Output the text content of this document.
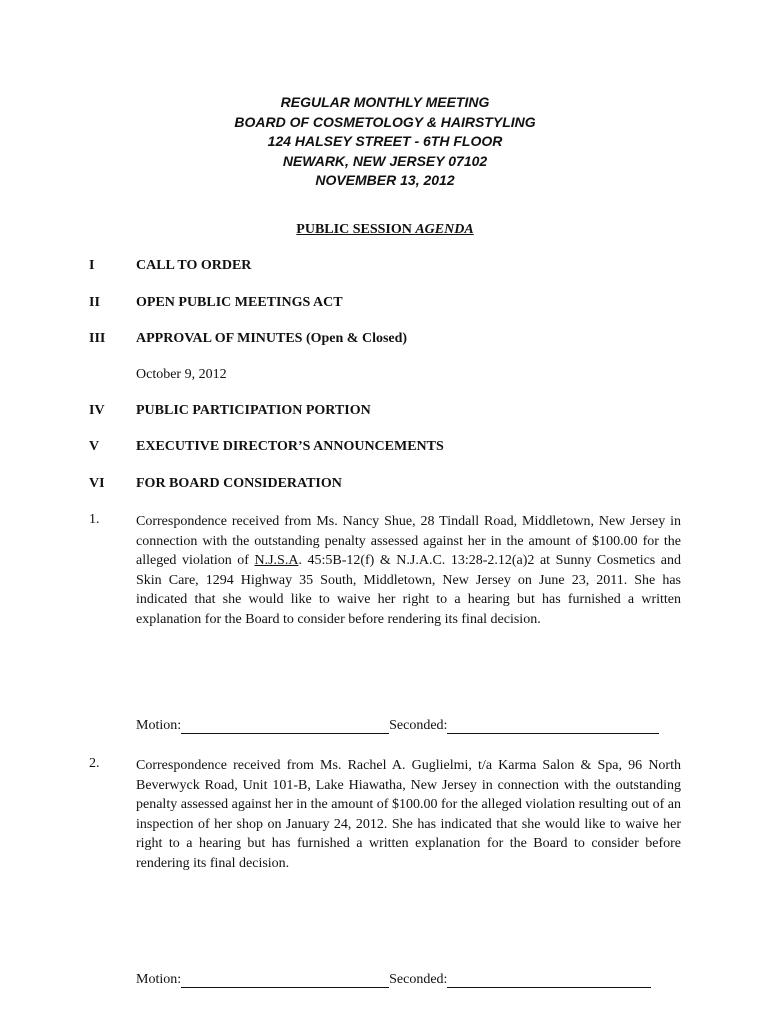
REGULAR MONTHLY MEETING
BOARD OF COSMETOLOGY & HAIRSTYLING
124 HALSEY STREET - 6TH FLOOR
NEWARK, NEW JERSEY 07102
NOVEMBER 13, 2012
PUBLIC SESSION AGENDA
I	CALL TO ORDER
II	OPEN PUBLIC MEETINGS ACT
III	APPROVAL OF MINUTES (Open & Closed)
October 9, 2012
IV	PUBLIC PARTICIPATION PORTION
V	EXECUTIVE DIRECTOR’S ANNOUNCEMENTS
VI	FOR BOARD CONSIDERATION
1.	Correspondence received from Ms. Nancy Shue, 28 Tindall Road, Middletown, New Jersey in connection with the outstanding penalty assessed against her in the amount of $100.00 for the alleged violation of N.J.S.A. 45:5B-12(f) & N.J.A.C. 13:28-2.12(a)2 at Sunny Cosmetics and Skin Care, 1294 Highway 35 South, Middletown, New Jersey on June 23, 2011. She has indicated that she would like to waive her right to a hearing but has furnished a written explanation for the Board to consider before rendering its final decision.
Motion:	Seconded:
2.	Correspondence received from Ms. Rachel A. Guglielmi, t/a Karma Salon & Spa, 96 North Beverwyck Road, Unit 101-B, Lake Hiawatha, New Jersey in connection with the outstanding penalty assessed against her in the amount of $100.00 for the alleged violation resulting out of an inspection of her shop on January 24, 2012. She has indicated that she would like to waive her right to a hearing but has furnished a written explanation for the Board to consider before rendering its final decision.
Motion:	Seconded:
